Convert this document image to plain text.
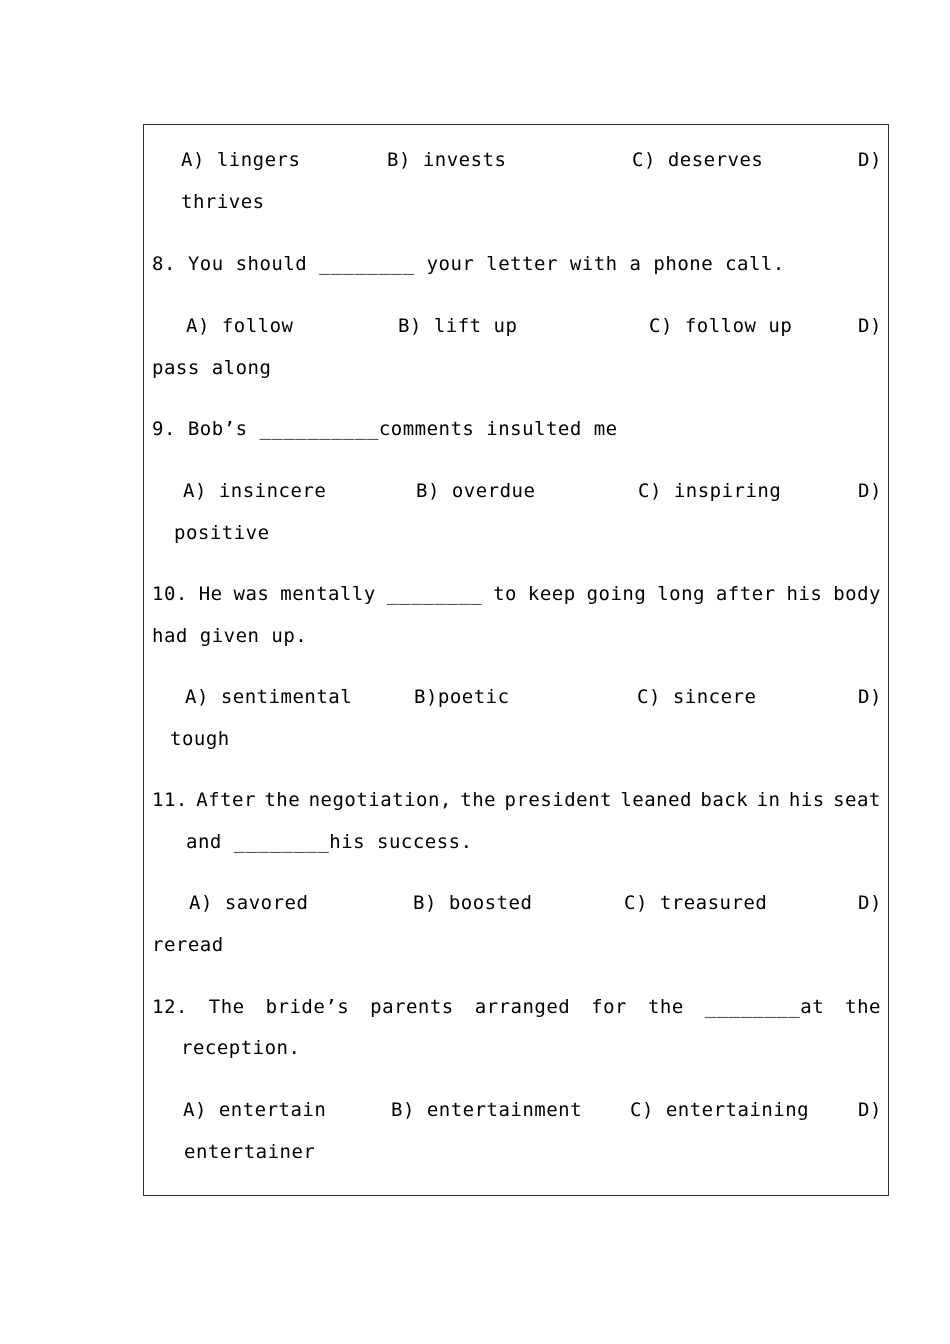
A) lingers	B) invests	C) deserves	D)
thrives
8. You should ________ your letter with a phone call.
A) follow	B) lift up	C) follow up	D)
pass along
9. Bob’s __________comments insulted me
A) insincere	B) overdue	C) inspiring	D)
positive
10. He was mentally ________ to keep going long after his body
had given up.
A) sentimental	B)poetic	C) sincere	D)
tough
11. After the negotiation, the president leaned back in his seat
and ________his success.
A) savored	B) boosted	C) treasured	D)
reread
12. The bride’s parents arranged for the ________at the
reception.
A) entertain	B) entertainment	C) entertaining	D)
entertainer
